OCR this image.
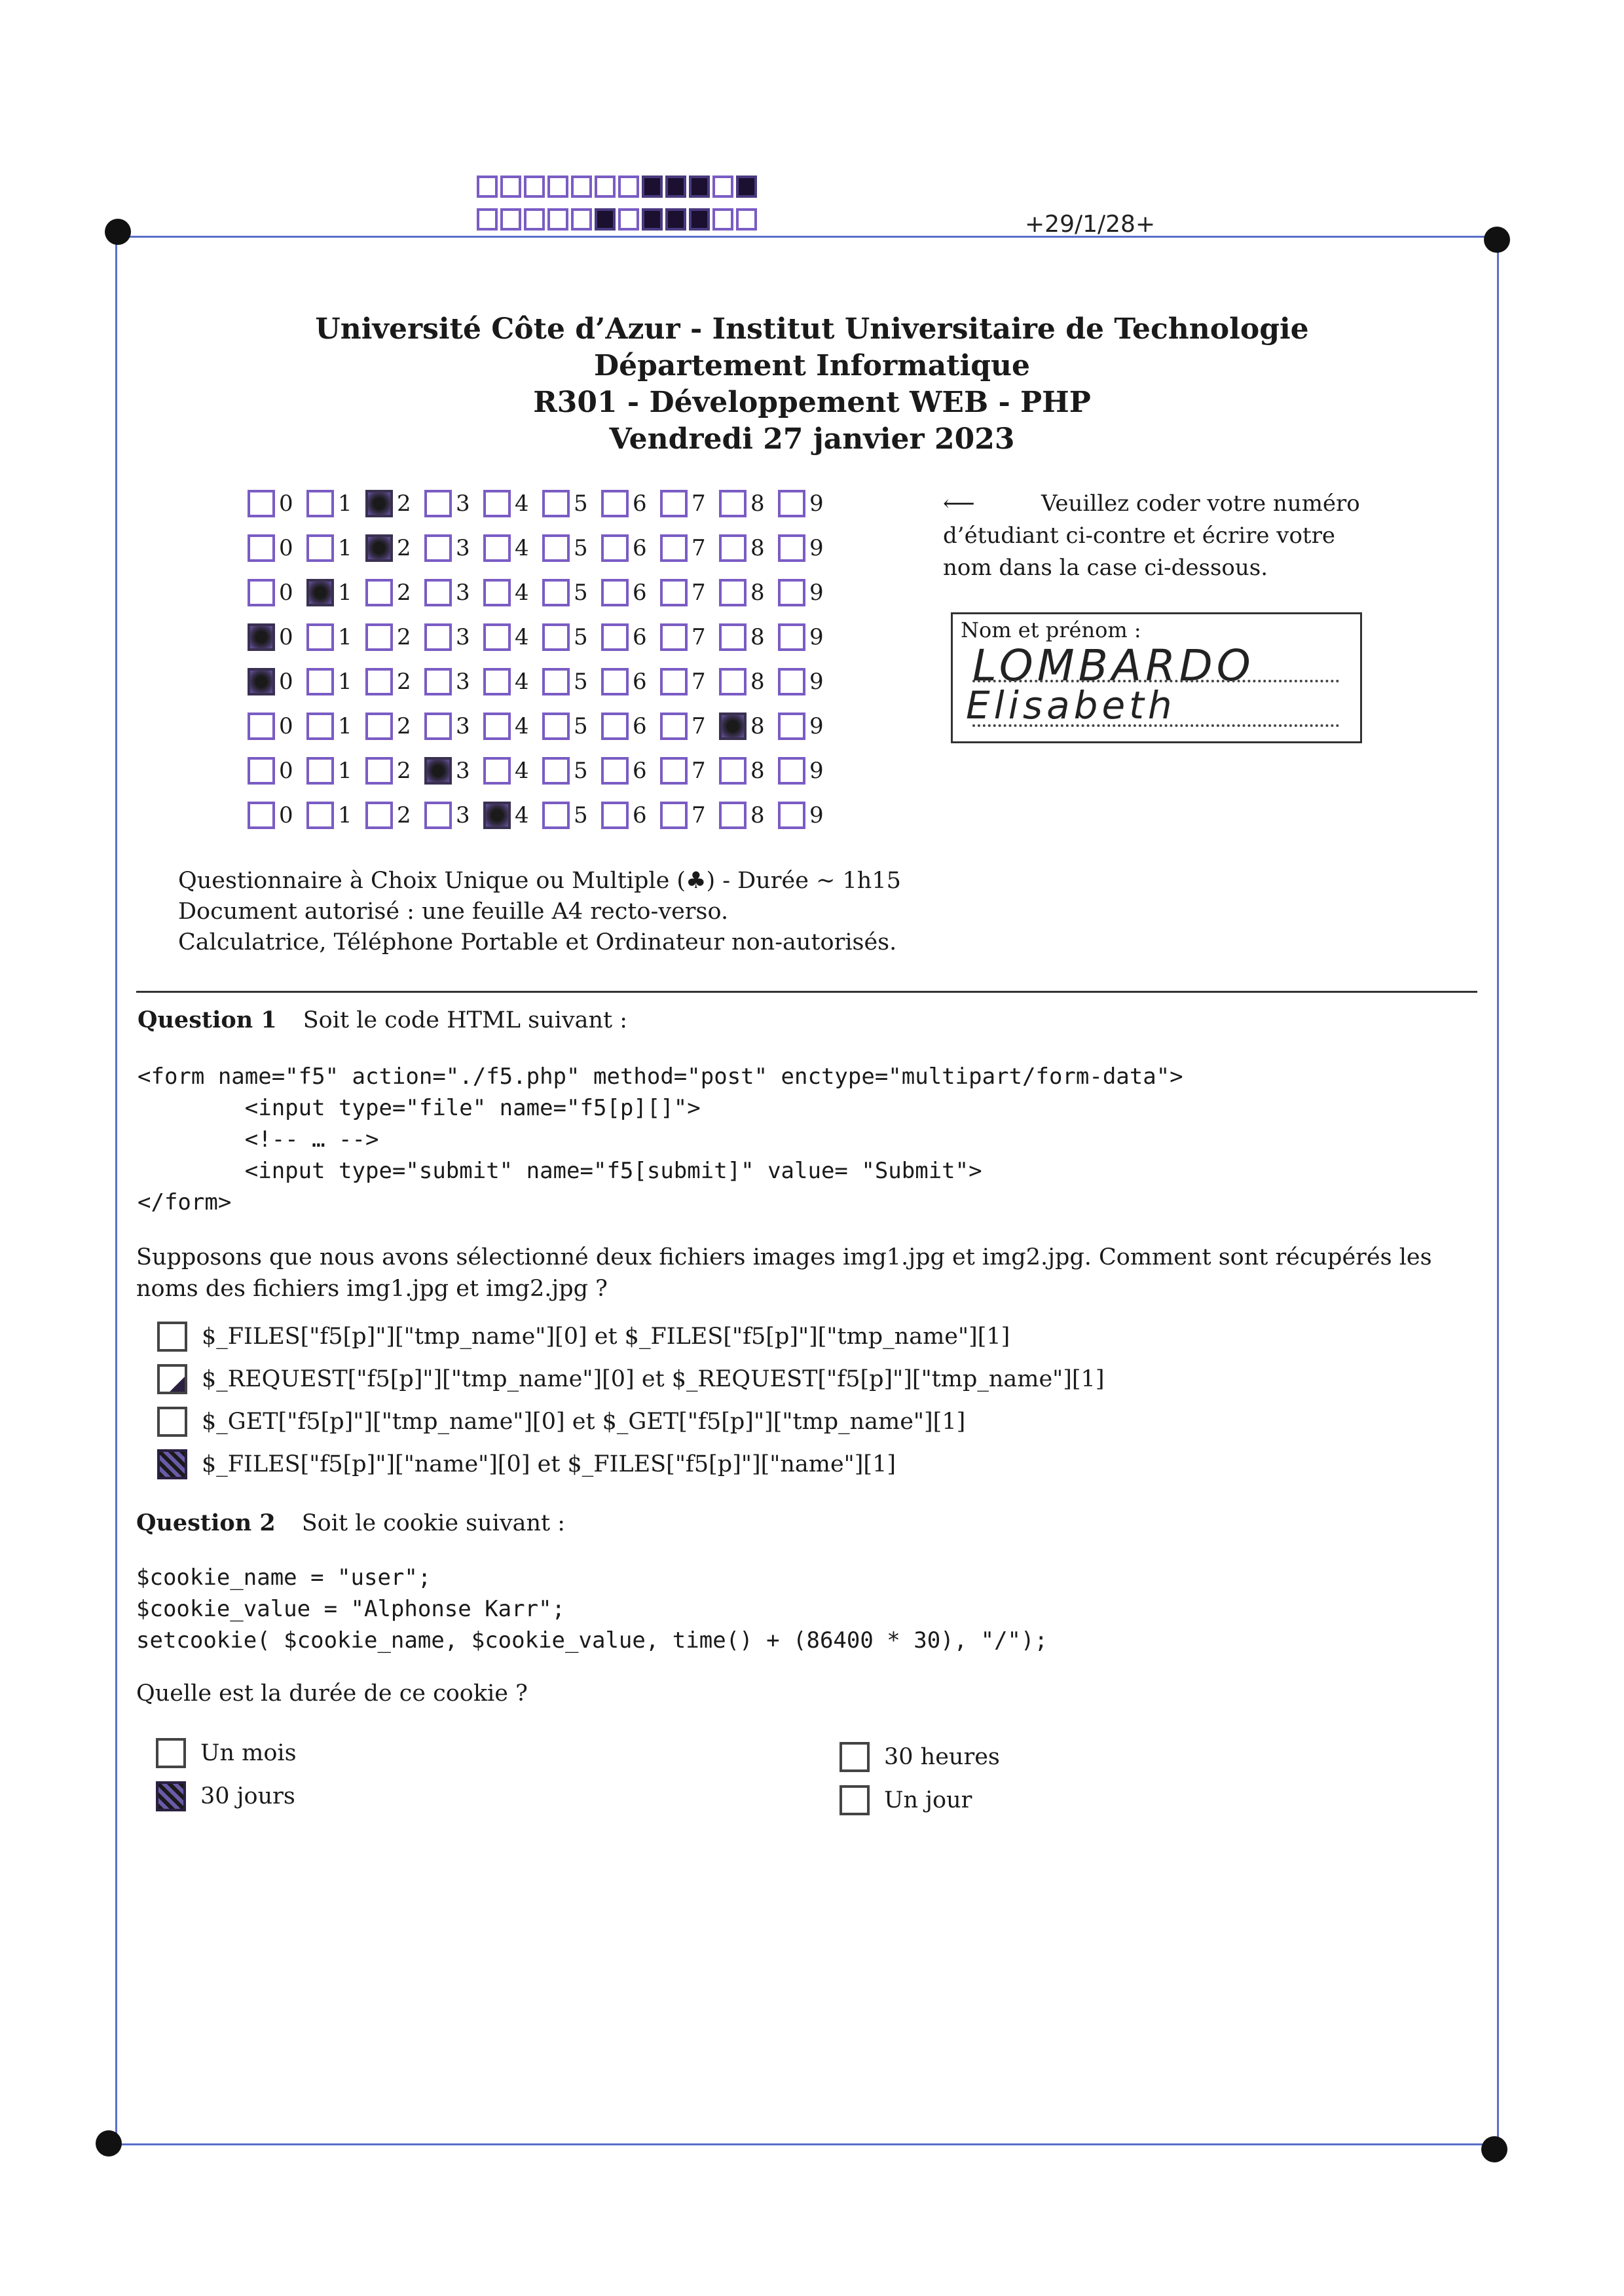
+29/1/28+
Université Côte d’Azur - Institut Universitaire de Technologie
Département Informatique
R301 - Développement WEB - PHP
Vendredi 27 janvier 2023
0 1 2 3 4 5 6 7 8 9
0 1 2 3 4 5 6 7 8 9
0 1 2 3 4 5 6 7 8 9
0 1 2 3 4 5 6 7 8 9
0 1 2 3 4 5 6 7 8 9
0 1 2 3 4 5 6 7 8 9
0 1 2 3 4 5 6 7 8 9
0 1 2 3 4 5 6 7 8 9
⟵	Veuillez coder votre numéro d’étudiant ci-contre et écrire votre nom dans la case ci-dessous.
Nom et prénom :
LOMBARDO
Elisabeth
Questionnaire à Choix Unique ou Multiple (♣) - Durée ∼ 1h15
Document autorisé : une feuille A4 recto-verso.
Calculatrice, Téléphone Portable et Ordinateur non-autorisés.
Question 1 Soit le code HTML suivant :
<form name="f5" action="./f5.php" method="post" enctype="multipart/form-data">
<input type="file" name="f5[p][]">
<!-- … -->
<input type="submit" name="f5[submit]" value= "Submit">
</form>
Supposons que nous avons sélectionné deux fichiers images img1.jpg et img2.jpg. Comment sont récupérés les noms des fichiers img1.jpg et img2.jpg ?
$_FILES["f5[p]"]["tmp_name"][0] et $_FILES["f5[p]"]["tmp_name"][1]
$_REQUEST["f5[p]"]["tmp_name"][0] et $_REQUEST["f5[p]"]["tmp_name"][1]
$_GET["f5[p]"]["tmp_name"][0] et $_GET["f5[p]"]["tmp_name"][1]
$_FILES["f5[p]"]["name"][0] et $_FILES["f5[p]"]["name"][1]
Question 2 Soit le cookie suivant :
$cookie_name = "user";
$cookie_value = "Alphonse Karr";
setcookie( $cookie_name, $cookie_value, time() + (86400 * 30), "/");
Quelle est la durée de ce cookie ?
Un mois
30 jours
30 heures
Un jour
